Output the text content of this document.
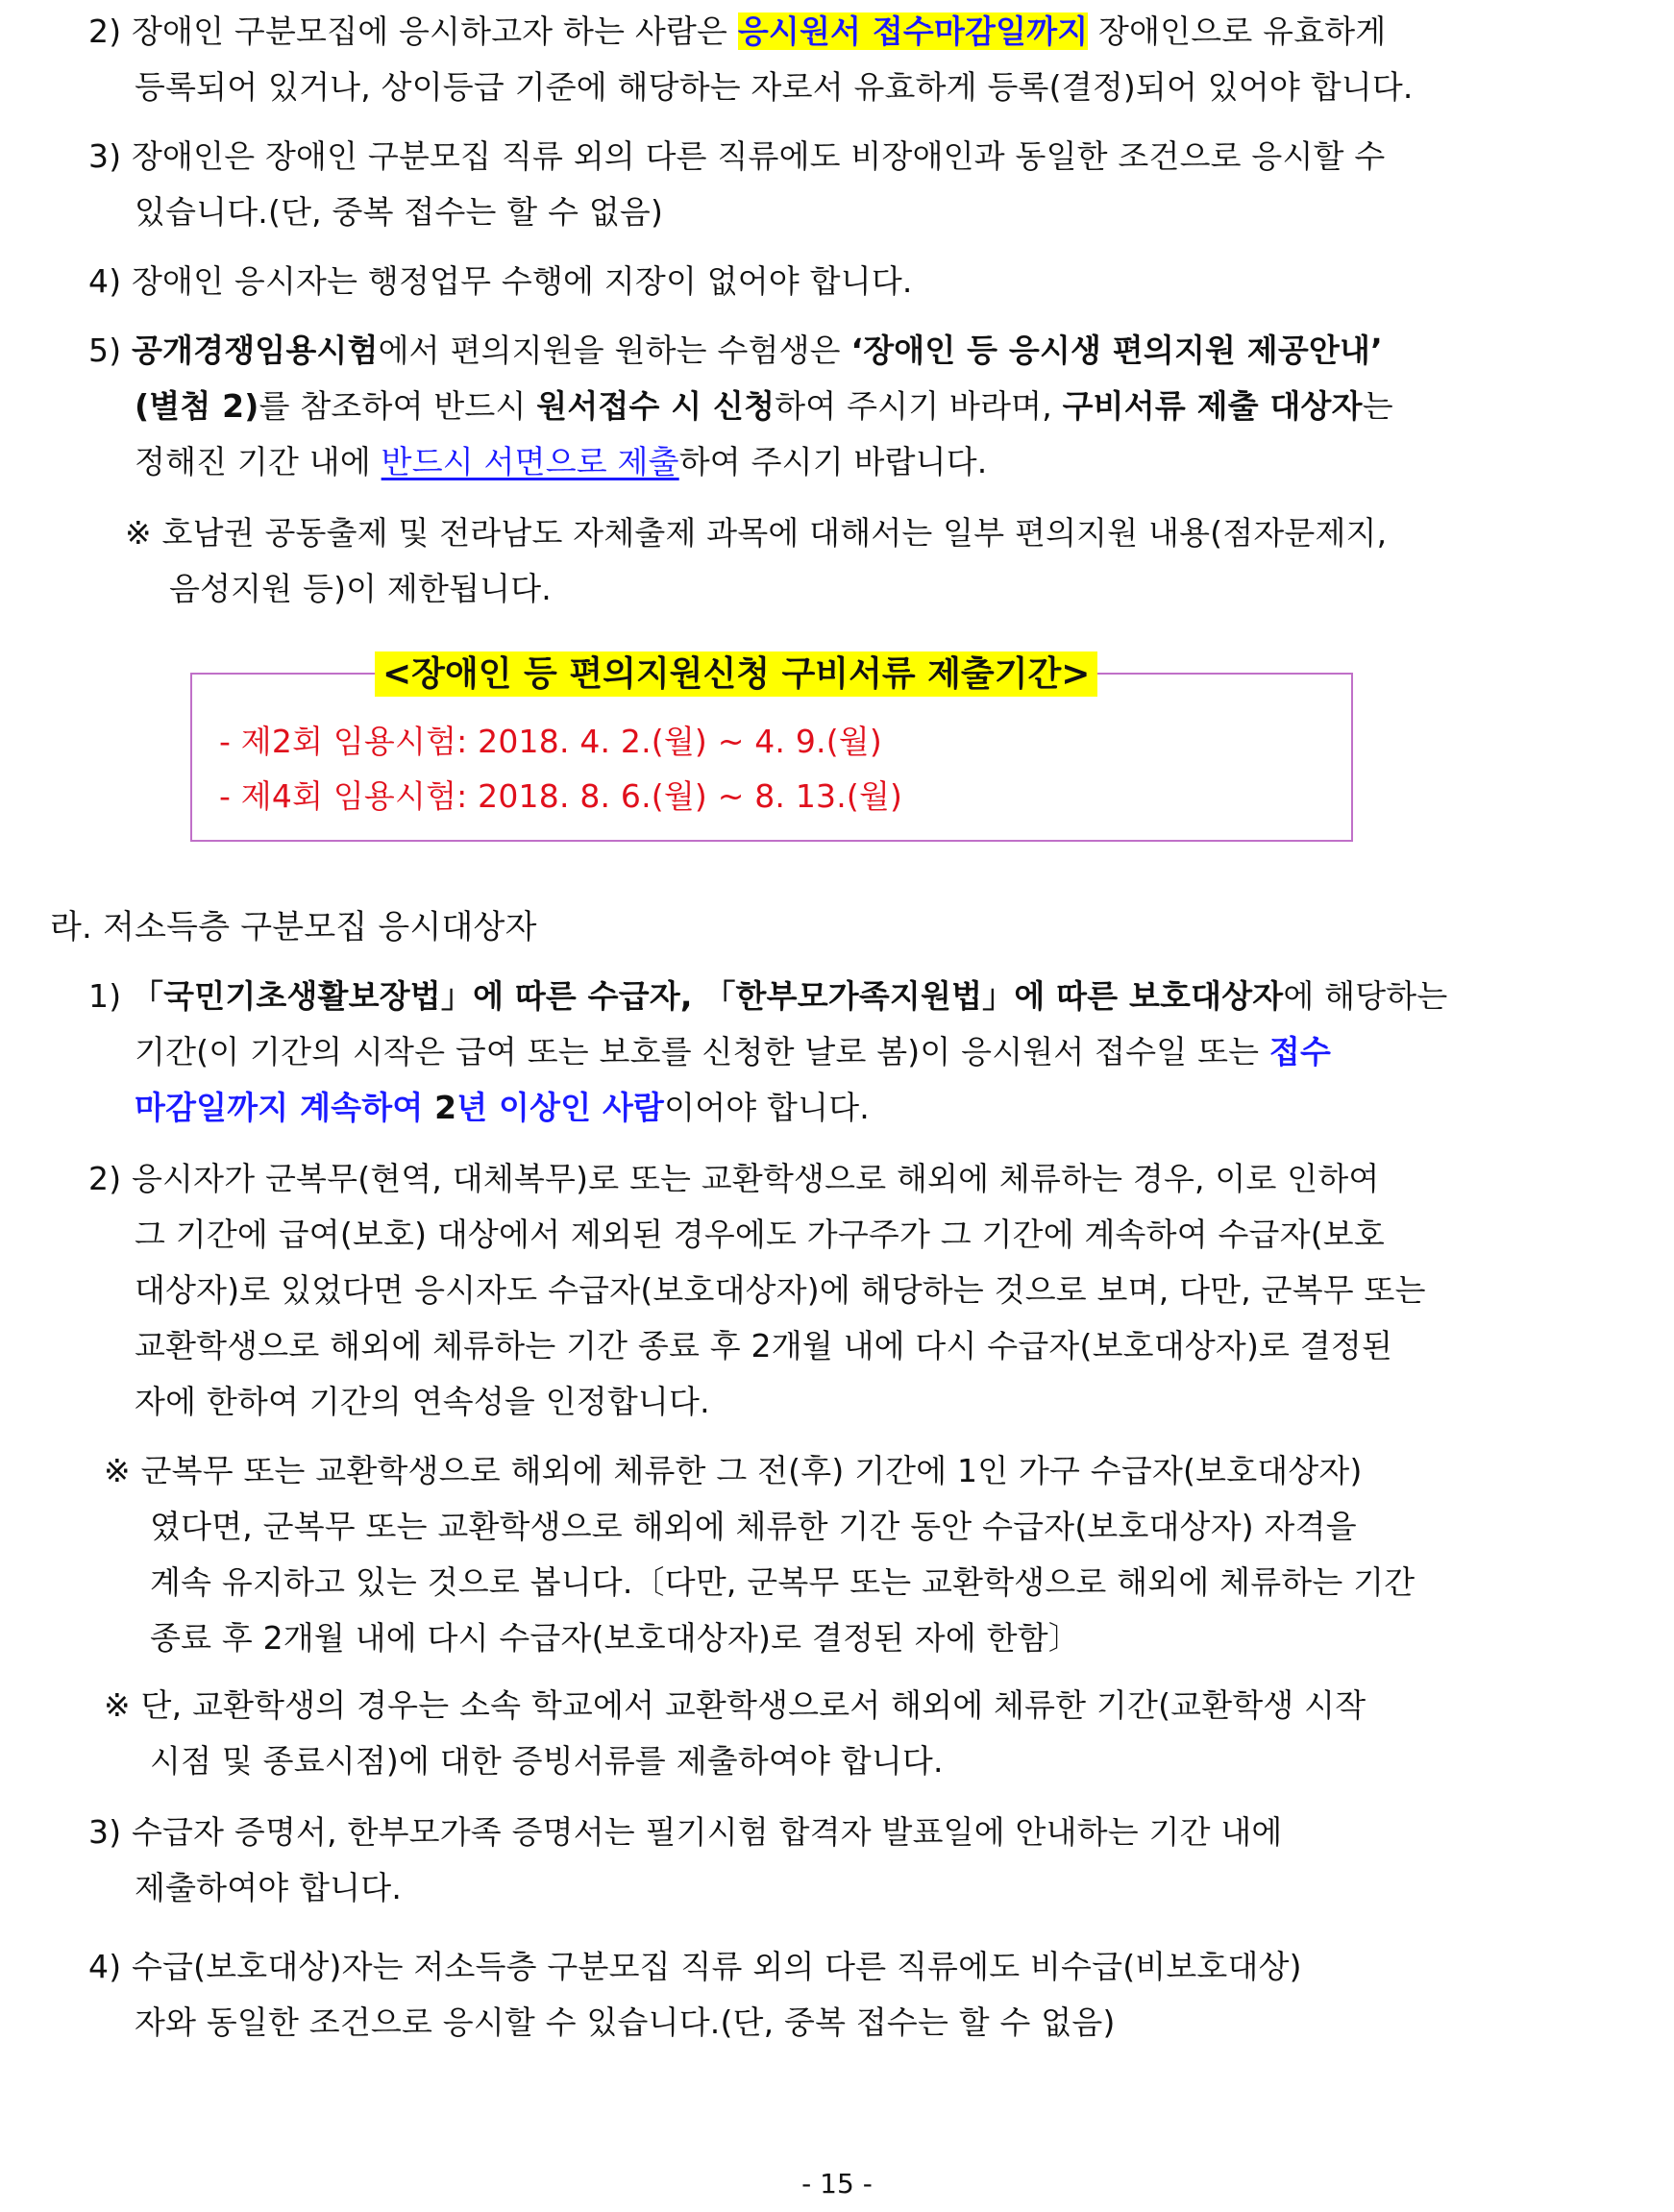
2) 장애인 구분모집에 응시하고자 하는 사람은 응시원서 접수마감일까지 장애인으로 유효하게
등록되어 있거나, 상이등급 기준에 해당하는 자로서 유효하게 등록(결정)되어 있어야 합니다.
3) 장애인은 장애인 구분모집 직류 외의 다른 직류에도 비장애인과 동일한 조건으로 응시할 수
있습니다.(단, 중복 접수는 할 수 없음)
4) 장애인 응시자는 행정업무 수행에 지장이 없어야 합니다.
5) 공개경쟁임용시험에서 편의지원을 원하는 수험생은 ‘장애인 등 응시생 편의지원 제공안내’
(별첨 2)를 참조하여 반드시 원서접수 시 신청하여 주시기 바라며, 구비서류 제출 대상자는
정해진 기간 내에 반드시 서면으로 제출하여 주시기 바랍니다.
※ 호남권 공동출제 및 전라남도 자체출제 과목에 대해서는 일부 편의지원 내용(점자문제지,
음성지원 등)이 제한됩니다.
<장애인 등 편의지원신청 구비서류 제출기간>
- 제2회 임용시험: 2018. 4. 2.(월) ~ 4. 9.(월)
- 제4회 임용시험: 2018. 8. 6.(월) ~ 8. 13.(월)
라. 저소득층 구분모집 응시대상자
1) 「국민기초생활보장법」에 따른 수급자, 「한부모가족지원법」에 따른 보호대상자에 해당하는
기간(이 기간의 시작은 급여 또는 보호를 신청한 날로 봄)이 응시원서 접수일 또는 접수
마감일까지 계속하여 2년 이상인 사람이어야 합니다.
2) 응시자가 군복무(현역, 대체복무)로 또는 교환학생으로 해외에 체류하는 경우, 이로 인하여
그 기간에 급여(보호) 대상에서 제외된 경우에도 가구주가 그 기간에 계속하여 수급자(보호
대상자)로 있었다면 응시자도 수급자(보호대상자)에 해당하는 것으로 보며, 다만, 군복무 또는
교환학생으로 해외에 체류하는 기간 종료 후 2개월 내에 다시 수급자(보호대상자)로 결정된
자에 한하여 기간의 연속성을 인정합니다.
※ 군복무 또는 교환학생으로 해외에 체류한 그 전(후) 기간에 1인 가구 수급자(보호대상자)
였다면, 군복무 또는 교환학생으로 해외에 체류한 기간 동안 수급자(보호대상자) 자격을
계속 유지하고 있는 것으로 봅니다.〔다만, 군복무 또는 교환학생으로 해외에 체류하는 기간
종료 후 2개월 내에 다시 수급자(보호대상자)로 결정된 자에 한함〕
※ 단, 교환학생의 경우는 소속 학교에서 교환학생으로서 해외에 체류한 기간(교환학생 시작
시점 및 종료시점)에 대한 증빙서류를 제출하여야 합니다.
3) 수급자 증명서, 한부모가족 증명서는 필기시험 합격자 발표일에 안내하는 기간 내에
제출하여야 합니다.
4) 수급(보호대상)자는 저소득층 구분모집 직류 외의 다른 직류에도 비수급(비보호대상)
자와 동일한 조건으로 응시할 수 있습니다.(단, 중복 접수는 할 수 없음)
- 15 -
